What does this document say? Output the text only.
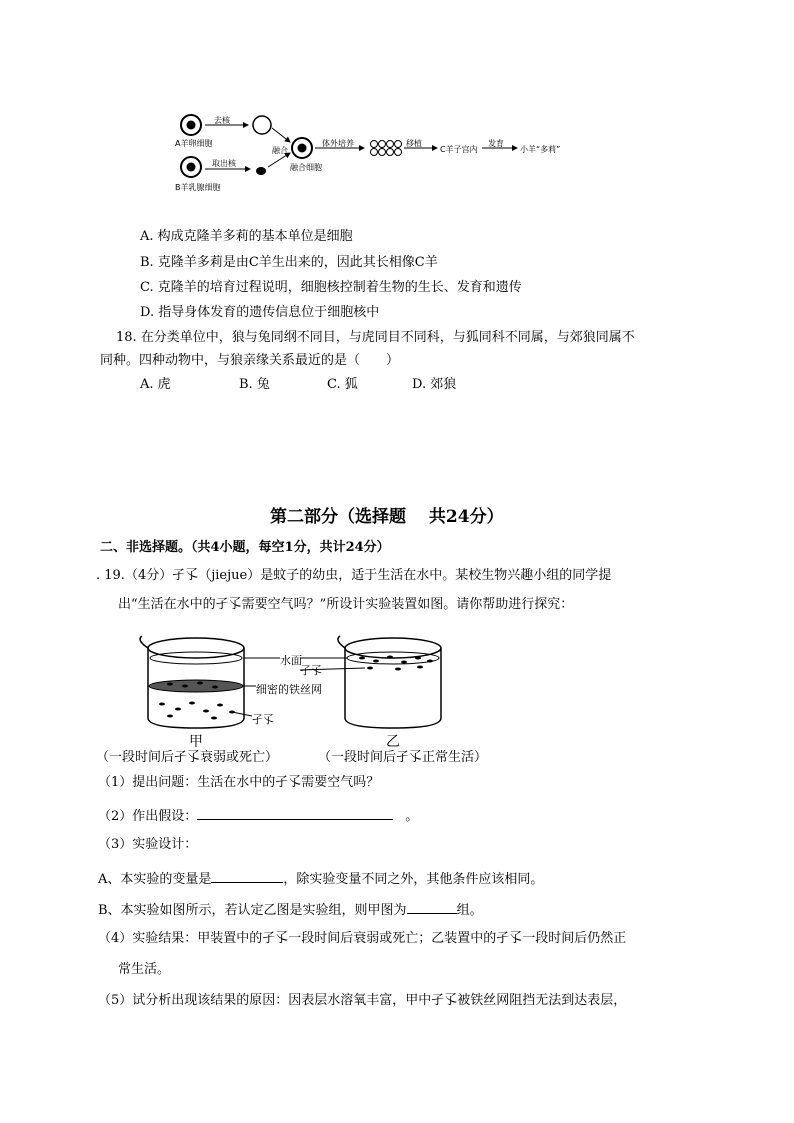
去核
A羊卵细胞
取出核
B羊乳腺细胞
融合
融合细胞
体外培养	移植
C羊子宫内
发育
小羊“多莉”
A. 构成克隆羊多莉的基本单位是细胞
B. 克隆羊多莉是由C羊生出来的，因此其长相像C羊
C. 克隆羊的培育过程说明，细胞核控制着生物的生长、发育和遗传
D. 指导身体发育的遗传信息位于细胞核中
18. 在分类单位中，狼与兔同纲不同目，与虎同目不同科，与狐同科不同属，与郊狼同属不
同种。四种动物中，与狼亲缘关系最近的是（　　）
A. 虎	B. 兔	C. 狐	D. 郊狼
第二部分（选择题　 共24分）
二、非选择题。（共4小题，每空1分，共计24分）
. 19.（4分）孑孓（jiejue）是蚊子的幼虫，适于生活在水中。某校生物兴趣小组的同学提
出“生活在水中的孑孓需要空气吗？”所设计实验装置如图。请你帮助进行探究：
水面
孑孓
细密的铁丝网
孑孓
甲	乙
（一段时间后孑孓衰弱或死亡）	（一段时间后孑孓正常生活）
（1）提出问题：生活在水中的孑孓需要空气吗？
（2）作出假设：	。
（3）实验设计：
A、本实验的变量是	，除实验变量不同之外，其他条件应该相同。
B、本实验如图所示，若认定乙图是实验组，则甲图为	组。
（4）实验结果：甲装置中的孑孓一段时间后衰弱或死亡；乙装置中的孑孓一段时间后仍然正
常生活。
（5）试分析出现该结果的原因：因表层水溶氧丰富，甲中孑孓被铁丝网阻挡无法到达表层，
